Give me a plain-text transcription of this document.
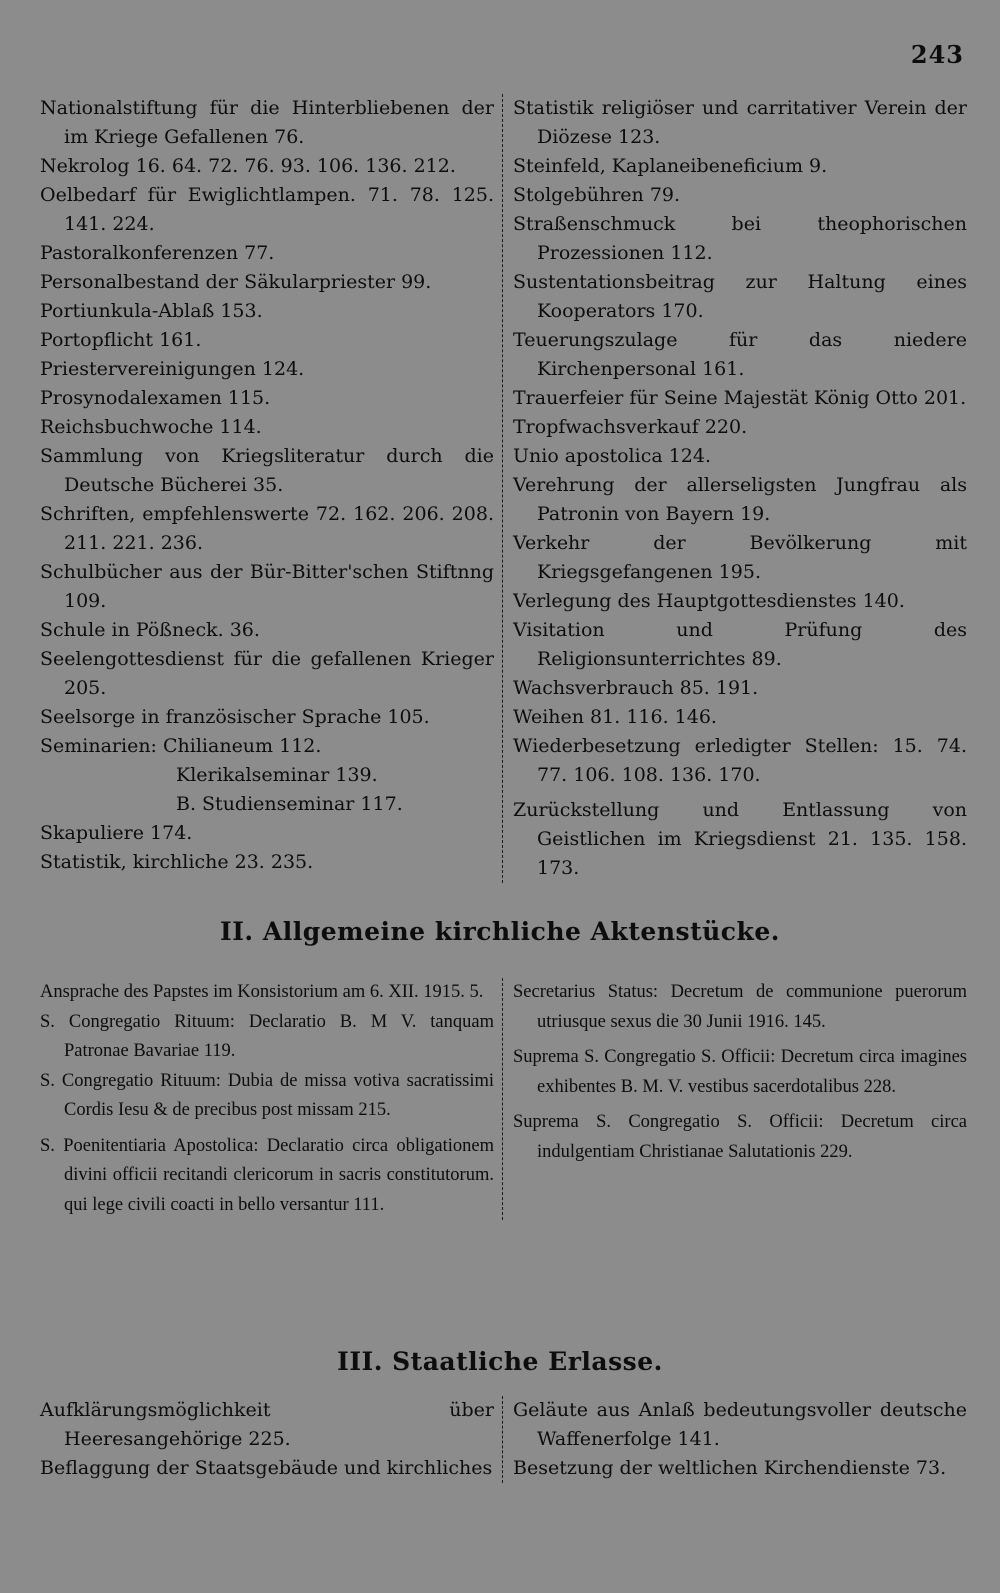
243

Nationalstiftung für die Hinterbliebenen der im Kriege Gefallenen 76.

Nekrolog 16. 64. 72. 76. 93. 106. 136. 212.

Oelbedarf für Ewiglichtlampen. 71. 78. 125. 141. 224.

Pastoralkonferenzen 77.

Personalbestand der Säkularpriester 99.

Portiunkula-Ablaß 153.

Portopflicht 161.

Priestervereinigungen 124.

Prosynodalexamen 115.

Reichsbuchwoche 114.

Sammlung von Kriegsliteratur durch die Deutsche Bücherei 35.

Schriften, empfehlenswerte 72. 162. 206. 208. 211. 221. 236.

Schulbücher aus der Bür-Bitter'schen Stiftnng 109.

Schule in Pößneck. 36.

Seelengottesdienst für die gefallenen Krieger 205.

Seelsorge in französischer Sprache 105.

Seminarien: Chilianeum 112.

Klerikalseminar 139.

B. Studienseminar 117.

Skapuliere 174.

Statistik, kirchliche 23. 235.

Statistik religiöser und carritativer Verein der Diözese 123.

Steinfeld, Kaplaneibeneficium 9.

Stolgebühren 79.

Straßenschmuck bei theophorischen Prozessionen 112.

Sustentationsbeitrag zur Haltung eines Kooperators 170.

Teuerungszulage für das niedere Kirchenpersonal 161.

Trauerfeier für Seine Majestät König Otto 201.

Tropfwachsverkauf 220.

Unio apostolica 124.

Verehrung der allerseligsten Jungfrau als Patronin von Bayern 19.

Verkehr der Bevölkerung mit Kriegsgefangenen 195.

Verlegung des Hauptgottesdienstes 140.

Visitation und Prüfung des Religionsunterrichtes 89.

Wachsverbrauch 85. 191.

Weihen 81. 116. 146.

Wiederbesetzung erledigter Stellen: 15. 74. 77. 106. 108. 136. 170.

Zurückstellung und Entlassung von Geistlichen im Kriegsdienst 21. 135. 158. 173.

II. Allgemeine kirchliche Aktenstücke.

Ansprache des Papstes im Konsistorium am 6. XII. 1915. 5.

S. Congregatio Rituum: Declaratio B. M V. tanquam Patronae Bavariae 119.

S. Congregatio Rituum: Dubia de missa votiva sacratissimi Cordis Iesu & de precibus post missam 215.

S. Poenitentiaria Apostolica: Declaratio circa obligationem divini officii recitandi clericorum in sacris constitutorum. qui lege civili coacti in bello versantur 111.

Secretarius Status: Decretum de communione puerorum utriusque sexus die 30 Junii 1916. 145.

Suprema S. Congregatio S. Officii: Decretum circa imagines exhibentes B. M. V. vestibus sacerdotalibus 228.

Suprema S. Congregatio S. Officii: Decretum circa indulgentiam Christianae Salutationis 229.

III. Staatliche Erlasse.

Aufklärungsmöglichkeit über Heeresangehörige 225.

Beflaggung der Staatsgebäude und kirchliches

Geläute aus Anlaß bedeutungsvoller deutsche Waffenerfolge 141.

Besetzung der weltlichen Kirchendienste 73.
